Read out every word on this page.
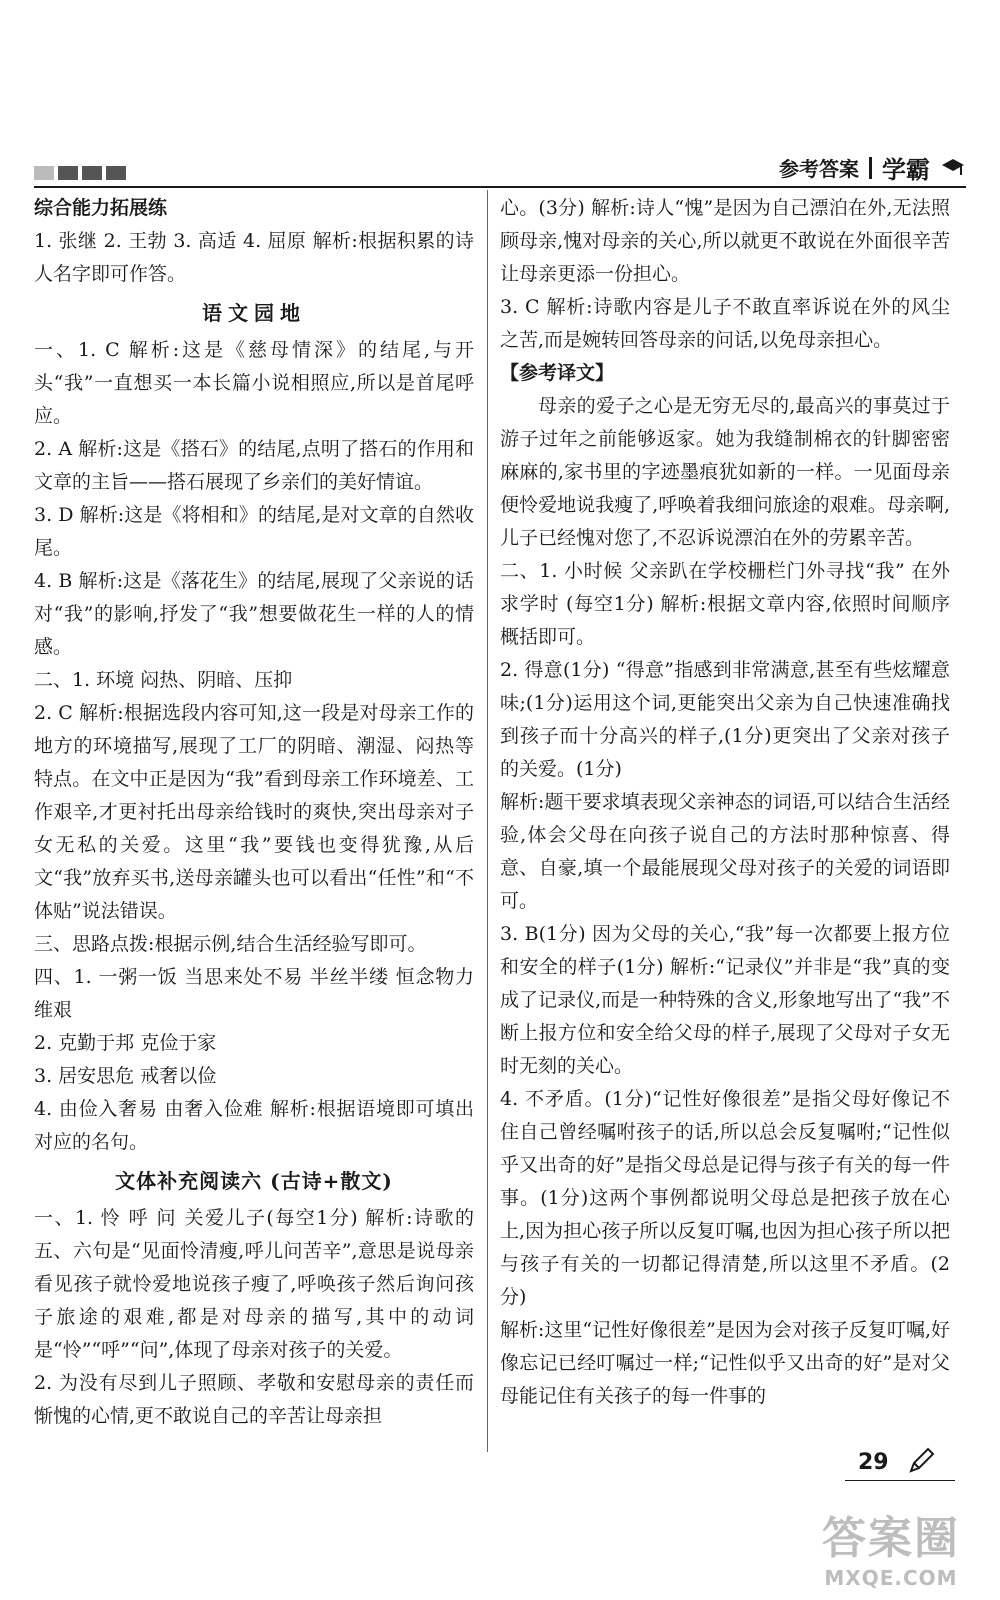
参考答案 学霸

综合能力拓展练

1. 张继 2. 王勃 3. 高适 4. 屈原 解析:根据积累的诗人名字即可作答。

语文园地

一、1. C 解析:这是《慈母情深》的结尾,与开头“我”一直想买一本长篇小说相照应,所以是首尾呼应。

2. A 解析:这是《搭石》的结尾,点明了搭石的作用和文章的主旨——搭石展现了乡亲们的美好情谊。

3. D 解析:这是《将相和》的结尾,是对文章的自然收尾。

4. B 解析:这是《落花生》的结尾,展现了父亲说的话对“我”的影响,抒发了“我”想要做花生一样的人的情感。

二、1. 环境 闷热、阴暗、压抑

2. C 解析:根据选段内容可知,这一段是对母亲工作的地方的环境描写,展现了工厂的阴暗、潮湿、闷热等特点。在文中正是因为“我”看到母亲工作环境差、工作艰辛,才更衬托出母亲给钱时的爽快,突出母亲对子女无私的关爱。这里“我”要钱也变得犹豫,从后文“我”放弃买书,送母亲罐头也可以看出“任性”和“不体贴”说法错误。

三、思路点拨:根据示例,结合生活经验写即可。

四、1. 一粥一饭 当思来处不易 半丝半缕 恒念物力维艰

2. 克勤于邦 克俭于家

3. 居安思危 戒奢以俭

4. 由俭入奢易 由奢入俭难 解析:根据语境即可填出对应的名句。

文体补充阅读六 (古诗+散文)

一、1. 怜 呼 问 关爱儿子(每空1分) 解析:诗歌的五、六句是“见面怜清瘦,呼儿问苦辛”,意思是说母亲看见孩子就怜爱地说孩子瘦了,呼唤孩子然后询问孩子旅途的艰难,都是对母亲的描写,其中的动词是“怜”“呼”“问”,体现了母亲对孩子的关爱。

2. 为没有尽到儿子照顾、孝敬和安慰母亲的责任而惭愧的心情,更不敢说自己的辛苦让母亲担

心。(3分) 解析:诗人“愧”是因为自己漂泊在外,无法照顾母亲,愧对母亲的关心,所以就更不敢说在外面很辛苦让母亲更添一份担心。

3. C 解析:诗歌内容是儿子不敢直率诉说在外的风尘之苦,而是婉转回答母亲的问话,以免母亲担心。

【参考译文】

母亲的爱子之心是无穷无尽的,最高兴的事莫过于游子过年之前能够返家。她为我缝制棉衣的针脚密密麻麻的,家书里的字迹墨痕犹如新的一样。一见面母亲便怜爱地说我瘦了,呼唤着我细问旅途的艰难。母亲啊,儿子已经愧对您了,不忍诉说漂泊在外的劳累辛苦。

二、1. 小时候 父亲趴在学校栅栏门外寻找“我” 在外求学时 (每空1分) 解析:根据文章内容,依照时间顺序概括即可。

2. 得意(1分) “得意”指感到非常满意,甚至有些炫耀意味;(1分)运用这个词,更能突出父亲为自己快速准确找到孩子而十分高兴的样子,(1分)更突出了父亲对孩子的关爱。(1分)

解析:题干要求填表现父亲神态的词语,可以结合生活经验,体会父母在向孩子说自己的方法时那种惊喜、得意、自豪,填一个最能展现父母对孩子的关爱的词语即可。

3. B(1分) 因为父母的关心,“我”每一次都要上报方位和安全的样子(1分) 解析:“记录仪”并非是“我”真的变成了记录仪,而是一种特殊的含义,形象地写出了“我”不断上报方位和安全给父母的样子,展现了父母对子女无时无刻的关心。

4. 不矛盾。(1分)“记性好像很差”是指父母好像记不住自己曾经嘱咐孩子的话,所以总会反复嘱咐;“记性似乎又出奇的好”是指父母总是记得与孩子有关的每一件事。(1分)这两个事例都说明父母总是把孩子放在心上,因为担心孩子所以反复叮嘱,也因为担心孩子所以把与孩子有关的一切都记得清楚,所以这里不矛盾。(2分)

解析:这里“记性好像很差”是因为会对孩子反复叮嘱,好像忘记已经叮嘱过一样;“记性似乎又出奇的好”是对父母能记住有关孩子的每一件事的

29
答案圈
MXQE.COM
